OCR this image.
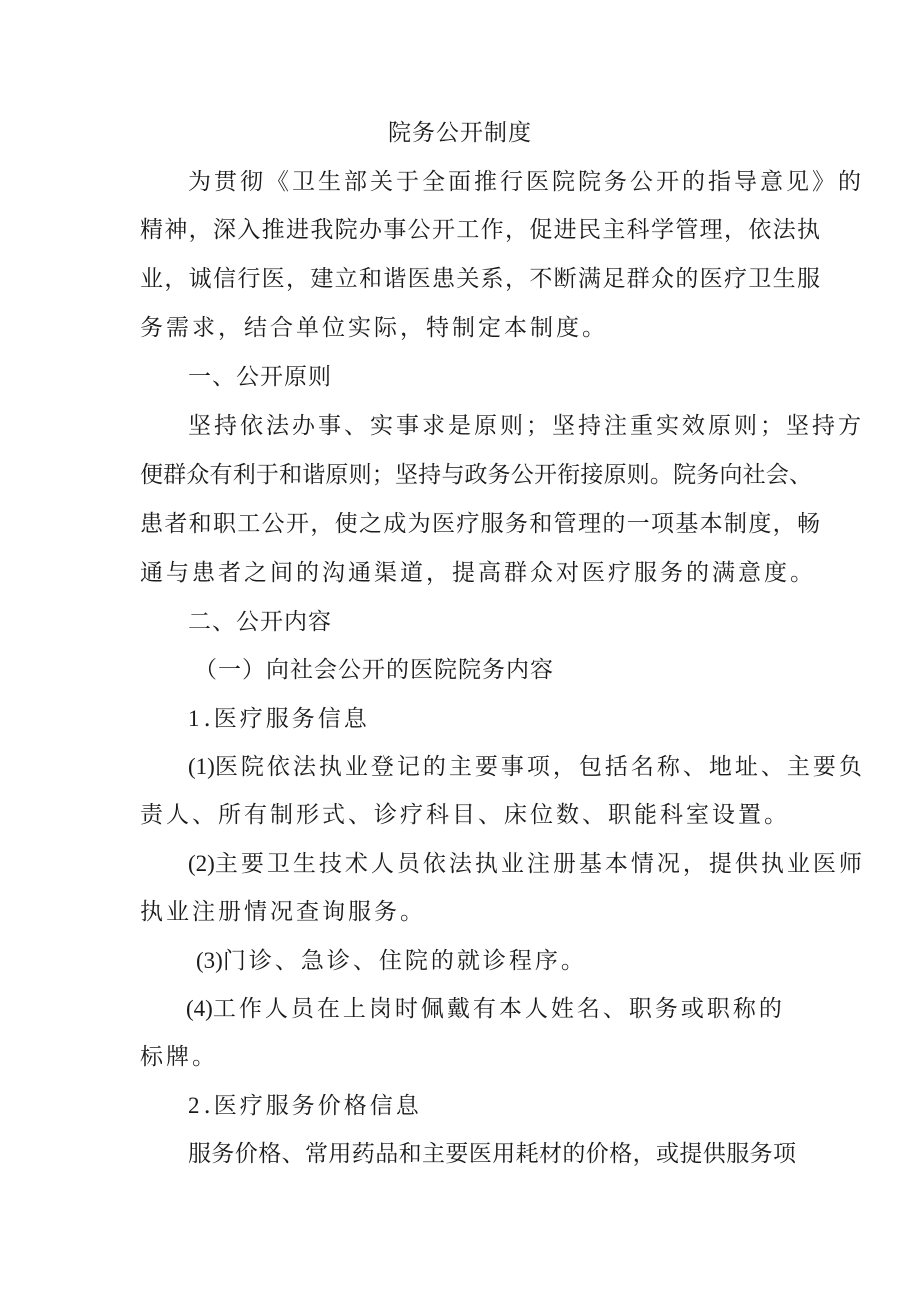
院务公开制度
为贯彻《卫生部关于全面推行医院院务公开的指导意见》的
精神，深入推进我院办事公开工作，促进民主科学管理，依法执
业，诚信行医，建立和谐医患关系，不断满足群众的医疗卫生服
务需求，结合单位实际，特制定本制度。
一、公开原则
坚持依法办事、实事求是原则；坚持注重实效原则；坚持方
便群众有利于和谐原则；坚持与政务公开衔接原则。院务向社会、
患者和职工公开，使之成为医疗服务和管理的一项基本制度，畅
通与患者之间的沟通渠道，提高群众对医疗服务的满意度。
二、公开内容
（一）向社会公开的医院院务内容
1 .医疗服务信息
(1)医院依法执业登记的主要事项，包括名称、地址、主要负
责人、所有制形式、诊疗科目、床位数、职能科室设置。
(2)主要卫生技术人员依法执业注册基本情况，提供执业医师
执业注册情况查询服务。
(3)门诊、急诊、住院的就诊程序。
(4)工作人员在上岗时佩戴有本人姓名、职务或职称的
标牌。
2 .医疗服务价格信息
服务价格、常用药品和主要医用耗材的价格，或提供服务项
